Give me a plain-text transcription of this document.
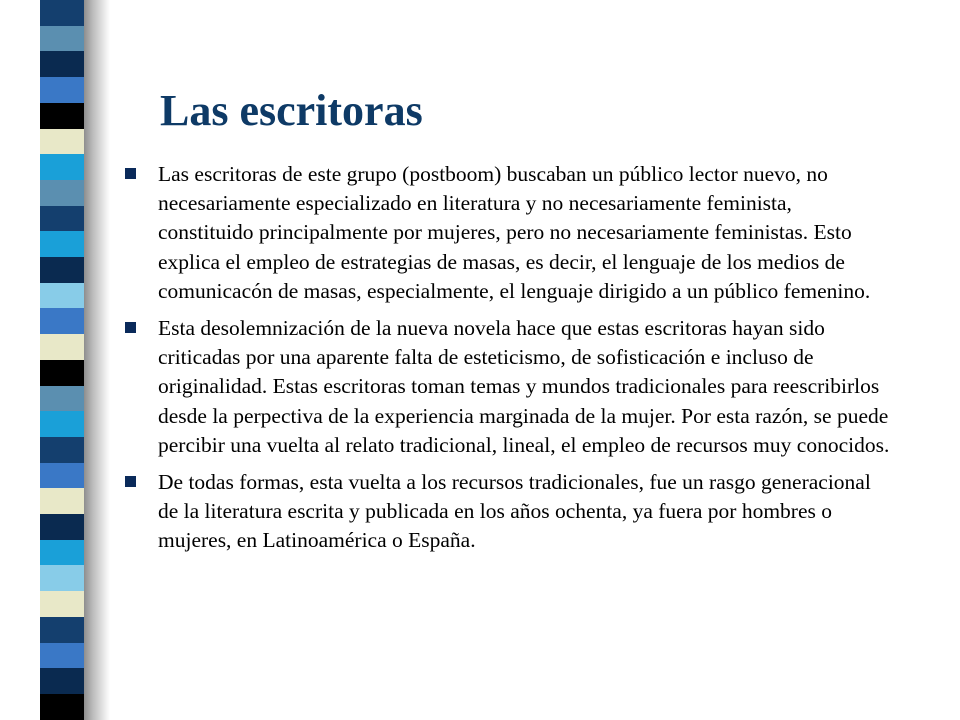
Las escritoras
Las escritoras de este grupo (postboom) buscaban un público lector nuevo, no necesariamente especializado en literatura y no necesariamente feminista, constituido principalmente por mujeres, pero no necesariamente feministas. Esto explica el empleo de estrategias de masas, es decir, el lenguaje de los medios de comunicacón de masas, especialmente, el lenguaje dirigido a un público femenino.
Esta desolemnización de la nueva novela hace que estas escritoras hayan sido criticadas por una aparente falta de esteticismo, de sofisticación e incluso de originalidad. Estas escritoras toman temas y mundos tradicionales para reescribirlos desde la perpectiva de la experiencia marginada de la mujer. Por esta razón, se puede percibir una vuelta al relato tradicional, lineal, el empleo de recursos muy conocidos.
De todas formas, esta vuelta a los recursos tradicionales, fue un rasgo generacional de la literatura escrita y publicada en los años ochenta, ya fuera por hombres o mujeres, en Latinoamérica o España.
